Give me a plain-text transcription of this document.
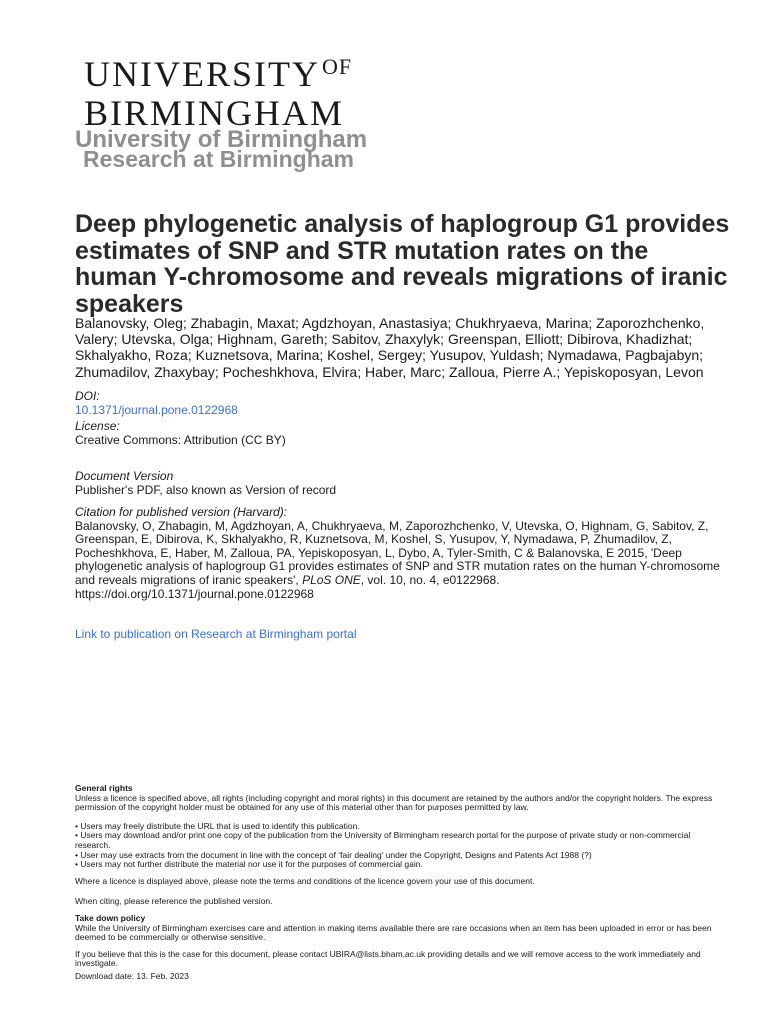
$UNIVERSITY^{OF}$
BIRMINGHAM
University of Birmingham
Research at Birmingham
Deep phylogenetic analysis of haplogroup G1 provides estimates of SNP and STR mutation rates on the human Y-chromosome and reveals migrations of iranic speakers
Balanovsky, Oleg; Zhabagin, Maxat; Agdzhoyan, Anastasiya; Chukhryaeva, Marina; Zaporozhchenko, Valery; Utevska, Olga; Highnam, Gareth; Sabitov, Zhaxylyk; Greenspan, Elliott; Dibirova, Khadizhat; Skhalyakho, Roza; Kuznetsova, Marina; Koshel, Sergey; Yusupov, Yuldash; Nymadawa, Pagbajabyn; Zhumadilov, Zhaxybay; Pocheshkhova, Elvira; Haber, Marc; Zalloua, Pierre A.; Yepiskoposyan, Levon
DOI:
10.1371/journal.pone.0122968
License:
Creative Commons: Attribution (CC BY)
Document Version
Publisher's PDF, also known as Version of record
Citation for published version (Harvard):
Balanovsky, O, Zhabagin, M, Agdzhoyan, A, Chukhryaeva, M, Zaporozhchenko, V, Utevska, O, Highnam, G, Sabitov, Z, Greenspan, E, Dibirova, K, Skhalyakho, R, Kuznetsova, M, Koshel, S, Yusupov, Y, Nymadawa, P, Zhumadilov, Z, Pocheshkhova, E, Haber, M, Zalloua, PA, Yepiskoposyan, L, Dybo, A, Tyler-Smith, C & Balanovska, E 2015, 'Deep phylogenetic analysis of haplogroup G1 provides estimates of SNP and STR mutation rates on the human Y-chromosome and reveals migrations of iranic speakers', PLoS ONE, vol. 10, no. 4, e0122968. https://doi.org/10.1371/journal.pone.0122968
Link to publication on Research at Birmingham portal
General rights
Unless a licence is specified above, all rights (including copyright and moral rights) in this document are retained by the authors and/or the copyright holders. The express permission of the copyright holder must be obtained for any use of this material other than for purposes permitted by law.
• Users may freely distribute the URL that is used to identify this publication.
• Users may download and/or print one copy of the publication from the University of Birmingham research portal for the purpose of private study or non-commercial research.
• User may use extracts from the document in line with the concept of ‘fair dealing’ under the Copyright, Designs and Patents Act 1988 (?)
• Users may not further distribute the material nor use it for the purposes of commercial gain.
Where a licence is displayed above, please note the terms and conditions of the licence govern your use of this document.
When citing, please reference the published version.
Take down policy
While the University of Birmingham exercises care and attention in making items available there are rare occasions when an item has been uploaded in error or has been deemed to be commercially or otherwise sensitive.
If you believe that this is the case for this document, please contact UBIRA@lists.bham.ac.uk providing details and we will remove access to the work immediately and investigate.
Download date: 13. Feb. 2023
